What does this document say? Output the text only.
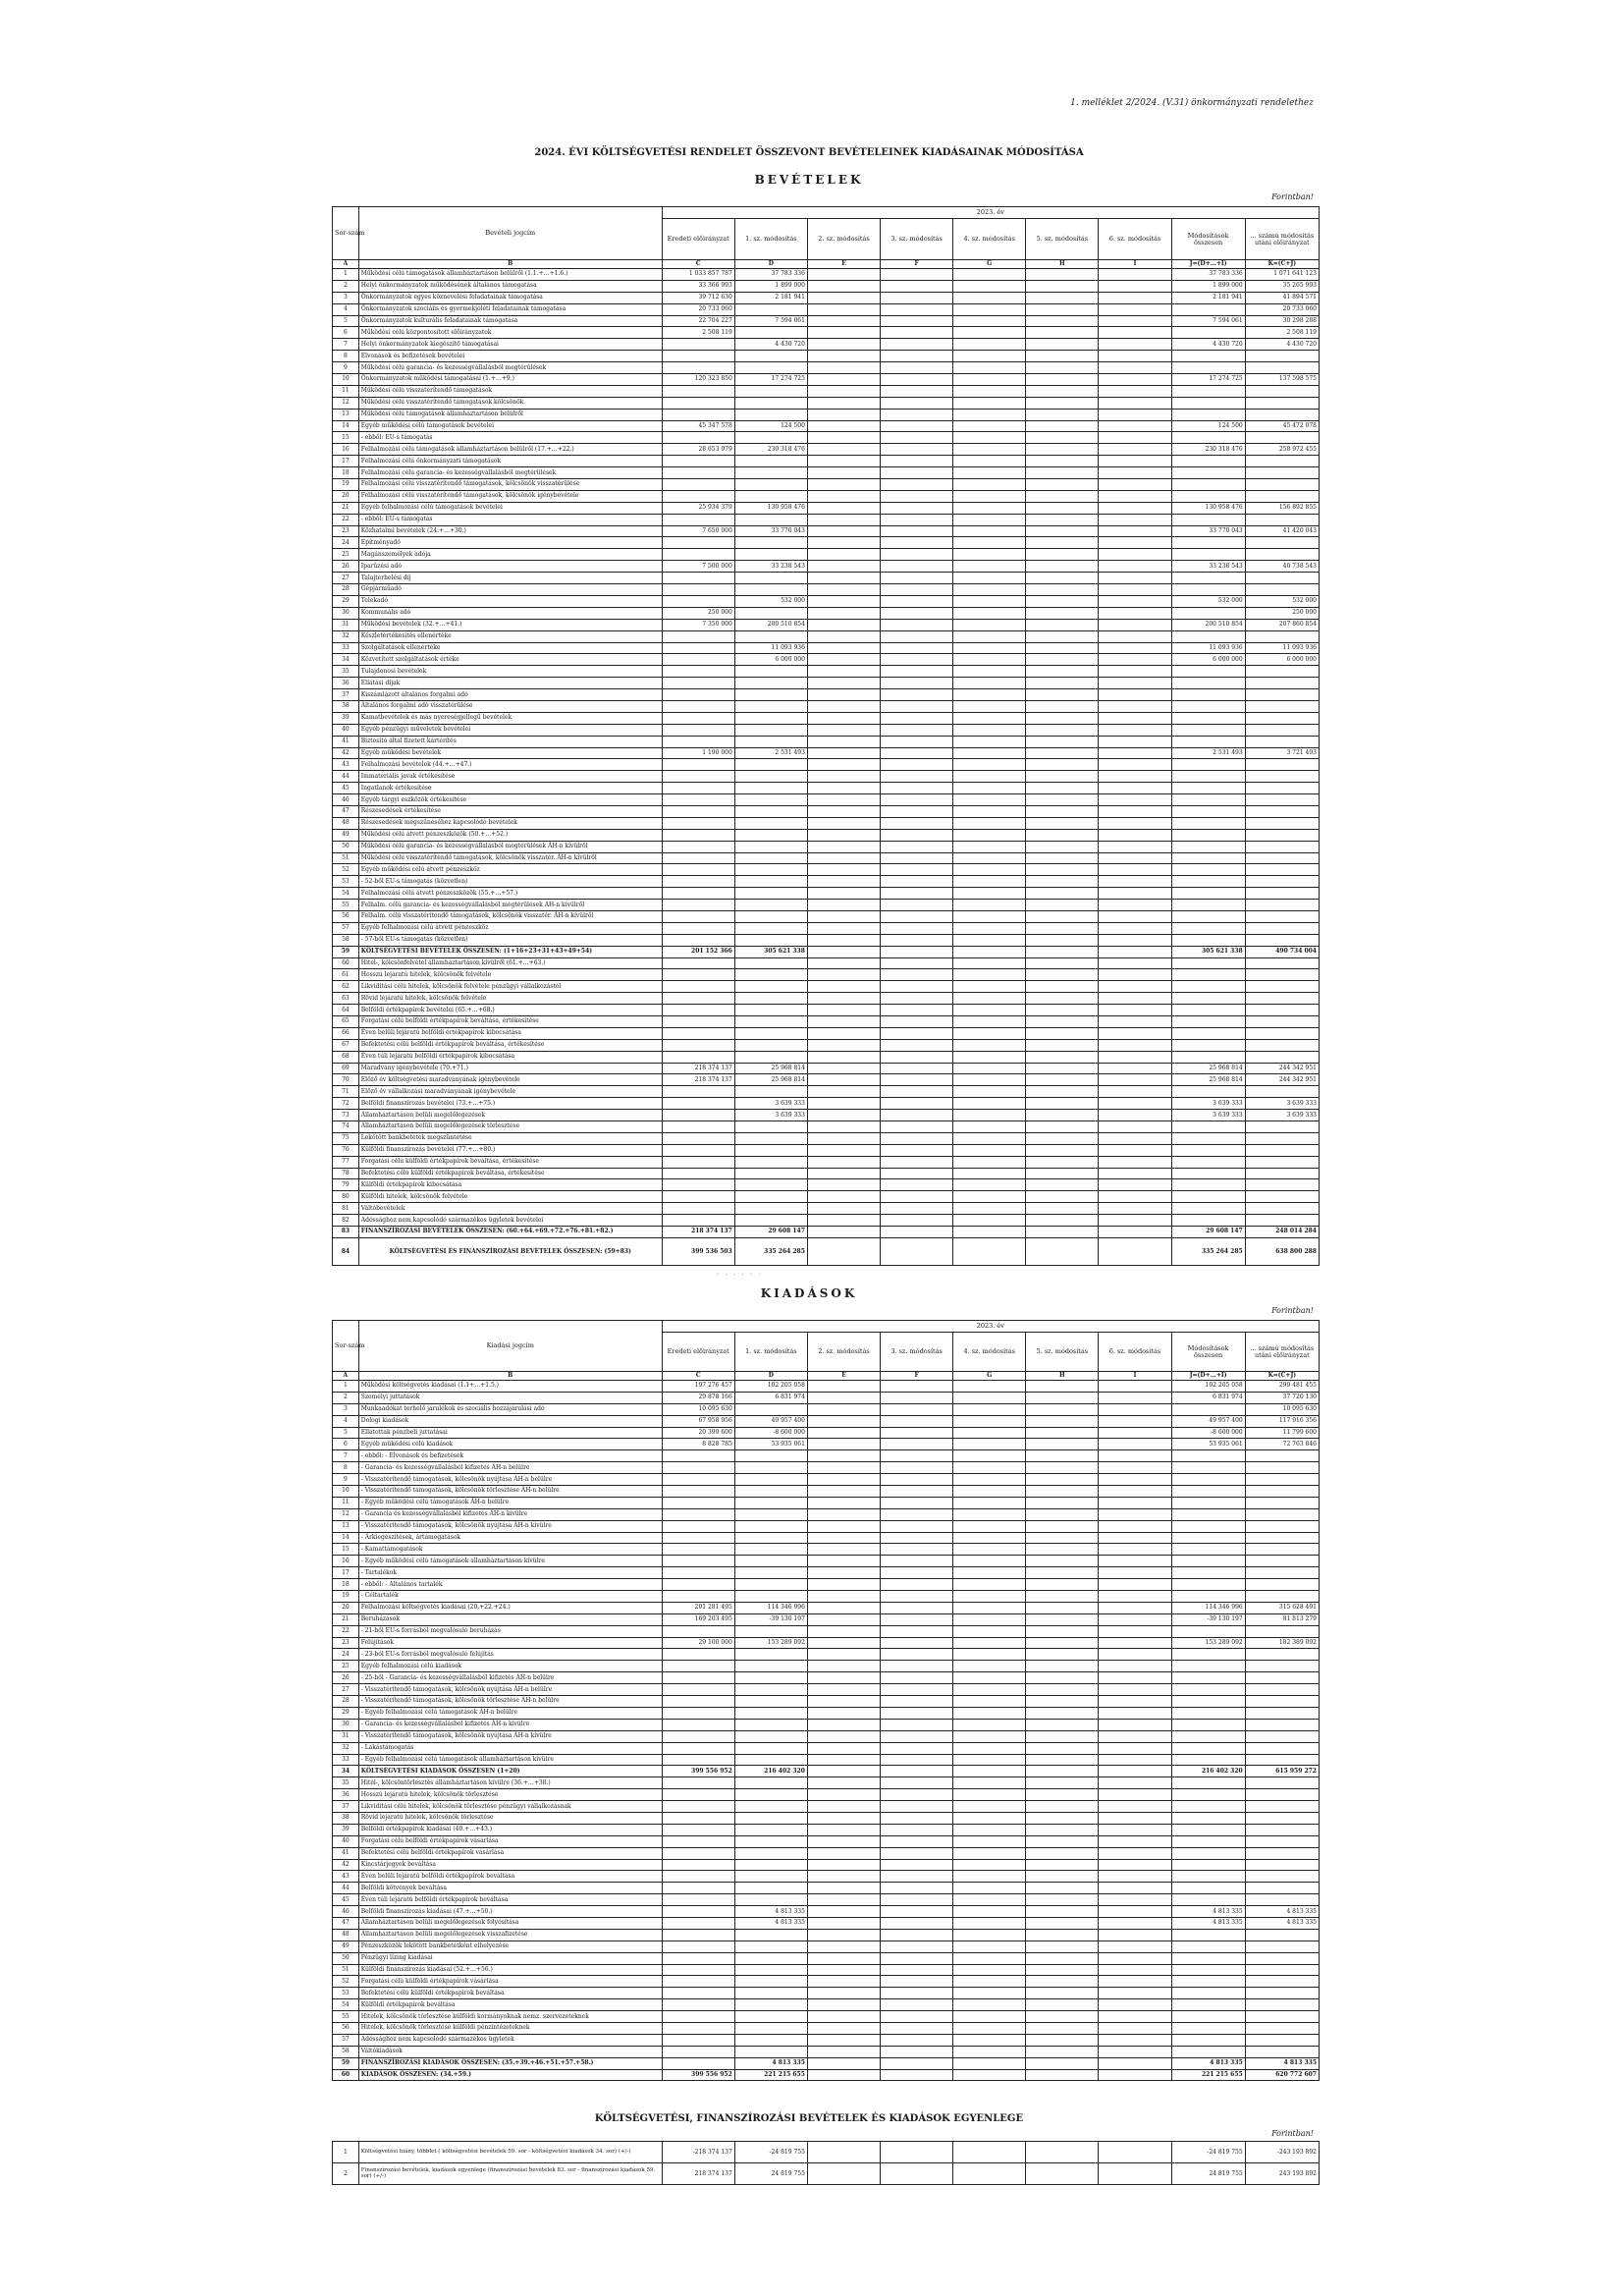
1. melléklet 2/2024. (V.31) önkormányzati rendelethez
2024. ÉVI KÖLTSÉGVETÉSI RENDELET ÖSSZEVONT BEVÉTELEINEK KIADÁSAINAK MÓDOSÍTÁSA
BEVÉTELEK
Forintban!
Sor-szám	Bevételi jogcím	2023. év								
		Eredeti előirányzat	1. sz. módosítás	2. sz. módosítás	3. sz. módosítás	4. sz. módosítás	5. sz. módosítás	6. sz. módosítás	Módosítások összesen	... számú módosítás utáni előirányzat
A	B	C	D	E	F	G	H	I	J=(D+...+I)	K=(C+J)
1	Működési célú támogatások államháztartáson belülről (1.1.+…+1.6.)	1 033 857 787	37 783 336						37 783 336	1 071 641 123
2	Helyi önkormányzatok működésének általános támogatása	33 366 993	1 899 000						1 899 000	35 265 993
3	Önkormányzatok egyes köznevelési feladatainak támogatása	39 712 630	2 181 941						2 181 941	41 894 571
4	Önkormányzatok szociális és gyermekjóléti feladatainak támogatása	20 733 060								20 733 060
5	Önkormányzatok kulturális feladatainak támogatása	22 704 227	7 594 061						7 594 061	30 298 288
6	Működési célú központosított előirányzatok	2 508 119								2 508 119
7	Helyi önkormányzatok kiegészítő támogatásai		4 430 720						4 430 720	4 430 720
8	Elvonások és befizetések bevételei									
9	Működési célú garancia- és kezességvállalásból megtérülések									
10	Önkormányzatok működési támogatásai (1.+…+9.)	120 323 850	17 274 725						17 274 725	137 598 575
11	Működési célú visszatérítendő támogatások									
12	Működési célú visszatérítendő támogatások kölcsönök									
13	Működési célú támogatások államháztartáson belülről									
14	Egyéb működési célú támogatások bevételei	45 347 578	124 500						124 500	45 472 078
15	- ebből: EU-s támogatás									
16	Felhalmozási célú támogatások államháztartáson belülről (17.+…+22.)	28 653 979	230 318 476						230 318 476	258 972 455
17	Felhalmozási célú önkormányzati támogatások									
18	Felhalmozási célú garancia- és kezességvállalásból megtérülések									
19	Felhalmozási célú visszatérítendő támogatások, kölcsönök visszatérülése									
20	Felhalmozási célú visszatérítendő támogatások, kölcsönök igénybevétele									
21	Egyéb felhalmozási célú támogatások bevételei	25 934 379	130 958 476						130 958 476	156 892 855
22	- ebből: EU-s támogatás									
23	Közhatalmi bevételek (24.+…+30.)	7 650 000	33 770 043						33 770 043	41 420 043
24	Építményadó									
25	Magánszemélyek adója									
26	Iparűzési adó	7 500 000	33 238 543						33 238 543	40 738 543
27	Talajterhelési díj									
28	Gépjárműadó									
29	Telekadó		532 000						532 000	532 000
30	Kommunális adó	250 000								250 000
31	Működési bevételek (32.+…+41.)	7 350 000	200 510 854						200 510 854	207 860 854
32	Készletértékesítés ellenértéke									
33	Szolgáltatások ellenértéke		11 093 936						11 093 936	11 093 936
34	Közvetített szolgáltatások értéke		6 000 000						6 000 000	6 000 000
35	Tulajdonosi bevételek									
36	Ellátási díjak									
37	Kiszámlázott általános forgalmi adó									
38	Általános forgalmi adó visszatérülése									
39	Kamatbevételek és más nyereségjellegű bevételek									
40	Egyéb pénzügyi műveletek bevételei									
41	Biztosító által fizetett kártérítés									
42	Egyéb működési bevételek	1 190 000	2 531 493						2 531 493	3 721 493
43	Felhalmozási bevételek (44.+…+47.)									
44	Immateriális javak értékesítése									
45	Ingatlanok értékesítése									
46	Egyéb tárgyi eszközök értékesítése									
47	Részesedések értékesítése									
48	Részesedések megszűnéséhez kapcsolódó bevételek									
49	Működési célú átvett pénzeszközök (50.+…+52.)									
50	Működési célú garancia- és kezességvállalásból megtérülések ÁH-n kívülről									
51	Működési célú visszatérítendő támogatások, kölcsönök visszatér. ÁH-n kívülről									
52	Egyéb működési célú átvett pénzeszköz									
53	- 52-ből EU-s támogatás (közvetlen)									
54	Felhalmozási célú átvett pénzeszközök (55.+…+57.)									
55	Felhalm. célú garancia- és kezességvállalásból megtérülések ÁH-n kívülről									
56	Felhalm. célú visszatérítendő támogatások, kölcsönök visszatér. ÁH-n kívülről									
57	Egyéb felhalmozási célú átvett pénzeszköz									
58	- 57-ből EU-s támogatás (közvetlen)									
59	KÖLTSÉGVETÉSI BEVÉTELEK ÖSSZESEN: (1+16+23+31+43+49+54)	201 152 366	305 621 338						305 621 338	490 734 004
60	Hitel-, kölcsönfelvétel államháztartáson kívülről (61.+…+63.)									
61	Hosszú lejáratú hitelek, kölcsönök felvétele									
62	Likviditási célú hitelek, kölcsönök felvétele pénzügyi vállalkozástól									
63	Rövid lejáratú hitelek, kölcsönök felvétele									
64	Belföldi értékpapírok bevételei (65.+…+68.)									
65	Forgatási célú belföldi értékpapírok beváltása, értékesítése									
66	Éven belüli lejáratú belföldi értékpapírok kibocsátása									
67	Befektetési célú belföldi értékpapírok beváltása, értékesítése									
68	Éven túli lejáratú belföldi értékpapírok kibocsátása									
69	Maradvány igénybevétele (70.+71.)	218 374 137	25 968 814						25 968 814	244 342 951
70	Előző év költségvetési maradványának igénybevétele	218 374 137	25 968 814						25 968 814	244 342 951
71	Előző év vállalkozási maradványának igénybevétele									
72	Belföldi finanszírozás bevételei (73.+…+75.)		3 639 333						3 639 333	3 639 333
73	Államháztartáson belüli megelőlegezések		3 639 333						3 639 333	3 639 333
74	Államháztartáson belüli megelőlegezések törlesztése									
75	Lekötött bankbetétek megszüntetése									
76	Külföldi finanszírozás bevételei (77.+…+80.)									
77	Forgatási célú külföldi értékpapírok beváltása, értékesítése									
78	Befektetési célú külföldi értékpapírok beváltása, értékesítése									
79	Külföldi értékpapírok kibocsátása									
80	Külföldi hitelek, kölcsönök felvétele									
81	Váltóbevételek									
82	Adóssághoz nem kapcsolódó származékos ügyletek bevételei									
83	FINANSZÍROZÁSI BEVÉTELEK ÖSSZESEN: (60.+64.+69.+72.+76.+81.+82.)	218 374 137	29 608 147						29 608 147	248 014 284
84	KÖLTSÉGVETÉSI ÉS FINANSZÍROZÁSI BEVÉTELEK ÖSSZESEN: (59+83)	399 536 503	335 264 285						335 264 285	638 800 288
· · · · · ·
KIADÁSOK
Forintban!
Sor-szám	Kiadási jogcím	2023. év								
		Eredeti előirányzat	1. sz. módosítás	2. sz. módosítás	3. sz. módosítás	4. sz. módosítás	5. sz. módosítás	6. sz. módosítás	Módosítások összesen	... számú módosítás utáni előirányzat
A	B	C	D	E	F	G	H	I	J=(D+...+I)	K=(C+J)
1	Működési költségvetés kiadásai (1.1+…+1.5.)	197 276 457	102 205 058						102 205 058	299 481 455
2	Személyi juttatások	29 878 166	6 831 974						6 831 974	37 720 130
3	Munkaadókat terhelő járulékok és szociális hozzájárulási adó	10 095 630								10 095 630
4	Dologi kiadások	67 958 956	49 957 400						49 957 400	117 916 356
5	Ellátottak pénzbeli juttatásai	20 399 600	-8 600 000						-8 600 000	11 799 600
6	Egyéb működési célú kiadások	8 828 785	53 935 061						53 935 061	72 763 846
7	- ebből: - Elvonások és befizetések									
8	- Garancia- és kezességvállalásból kifizetés ÁH-n belülre									
9	- Visszatérítendő támogatások, kölcsönök nyújtása ÁH-n belülre									
10	- Visszatérítendő támogatások, kölcsönök törlesztése ÁH-n belülre									
11	- Egyéb működési célú támogatások ÁH-n belülre									
12	- Garancia és kezességvállalásból kifizetés ÁH-n kívülre									
13	- Visszatérítendő támogatások, kölcsönök nyújtása ÁH-n kívülre									
14	- Árkiegészítések, ártámogatások									
15	- Kamattámogatások									
16	- Egyéb működési célú támogatások államháztartáson kívülre									
17	- Tartalékok									
18	- ebből: - Általános tartalék									
19	- Céltartalék									
20	Felhalmozási költségvetés kiadásai (20.+22.+24.)	201 281 495	114 346 996						114 346 996	315 628 491
21	Beruházások	169 203 495	-39 130 197						-39 130 197	81 813 279
22	- 21-ből EU-s forrásból megvalósuló beruházás									
23	Felújítások	29 100 000	153 289 092						153 289 092	182 389 092
24	- 23-ból EU-s forrásból megvalósuló felújítás									
25	Egyéb felhalmozási célú kiadások									
26	- 25-ből - Garancia- és kezességvállalásból kifizetés ÁH-n belülre									
27	- Visszatérítendő támogatások, kölcsönök nyújtása ÁH-n belülre									
28	- Visszatérítendő támogatások, kölcsönök törlesztése ÁH-n belülre									
29	- Egyéb felhalmozási célú támogatások ÁH-n belülre									
30	- Garancia- és kezességvállalásból kifizetés ÁH-n kívülre									
31	- Visszatérítendő támogatások, kölcsönök nyújtása ÁH-n kívülre									
32	- Lakástámogatás									
33	- Egyéb felhalmozási célú támogatások államháztartáson kívülre									
34	KÖLTSÉGVETÉSI KIADÁSOK ÖSSZESEN (1+20)	399 556 952	216 402 320						216 402 320	615 959 272
35	Hitel-, kölcsöntörlesztés államháztartáson kívülre (36.+…+38.)									
36	Hosszú lejáratú hitelek, kölcsönök törlesztése									
37	Likviditási célú hitelek, kölcsönök törlesztése pénzügyi vállalkozásnak									
38	Rövid lejáratú hitelek, kölcsönök törlesztése									
39	Belföldi értékpapírok kiadásai (40.+…+43.)									
40	Forgatási célú belföldi értékpapírok vásárlása									
41	Befektetési célú belföldi értékpapírok vásárlása									
42	Kincstárjegyek beváltása									
43	Éven belüli lejáratú belföldi értékpapírok beváltása									
44	Belföldi kötvények beváltása									
45	Éven túli lejáratú belföldi értékpapírok beváltása									
46	Belföldi finanszírozás kiadásai (47.+…+50.)		4 813 335						4 813 335	4 813 335
47	Államháztartáson belüli megelőlegezések folyósítása		4 813 335						4 813 335	4 813 335
48	Államháztartáson belüli megelőlegezések visszafizetése									
49	Pénzeszközök lekötött bankbetétként elhelyezése									
50	Pénzügyi lízing kiadásai									
51	Külföldi finanszírozás kiadásai (52.+…+56.)									
52	Forgatási célú külföldi értékpapírok vásárlása									
53	Befektetési célú külföldi értékpapírok beváltása									
54	Külföldi értékpapírok beváltása									
55	Hitelek, kölcsönök törlesztése külföldi kormányoknak nemz. szervezeteknek									
56	Hitelek, kölcsönök törlesztése külföldi pénzintézeteknek									
57	Adóssághoz nem kapcsolódó származékos ügyletek									
58	Váltókiadások									
59	FINANSZÍROZÁSI KIADÁSOK ÖSSZESEN: (35.+39.+46.+51.+57.+58.)		4 813 335						4 813 335	4 813 335
60	KIADÁSOK ÖSSZESEN: (34.+59.)	399 556 952	221 215 655						221 215 655	620 772 607
KÖLTSÉGVETÉSI, FINANSZÍROZÁSI BEVÉTELEK ÉS KIADÁSOK EGYENLEGE
Forintban!
1	Költségvetési hiány, többlet ( költségvetési bevételek 59. sor - költségvetési kiadások 34. sor) (+/-)	-218 374 137	-24 819 755						-24 819 755	-243 193 892
2	Finanszírozási bevételek, kiadások egyenlege (finanszírozási bevételek 83. sor - finanszírozási kiadások 59. sor) (+/-)	218 374 137	24 819 755						24 819 755	243 193 892
